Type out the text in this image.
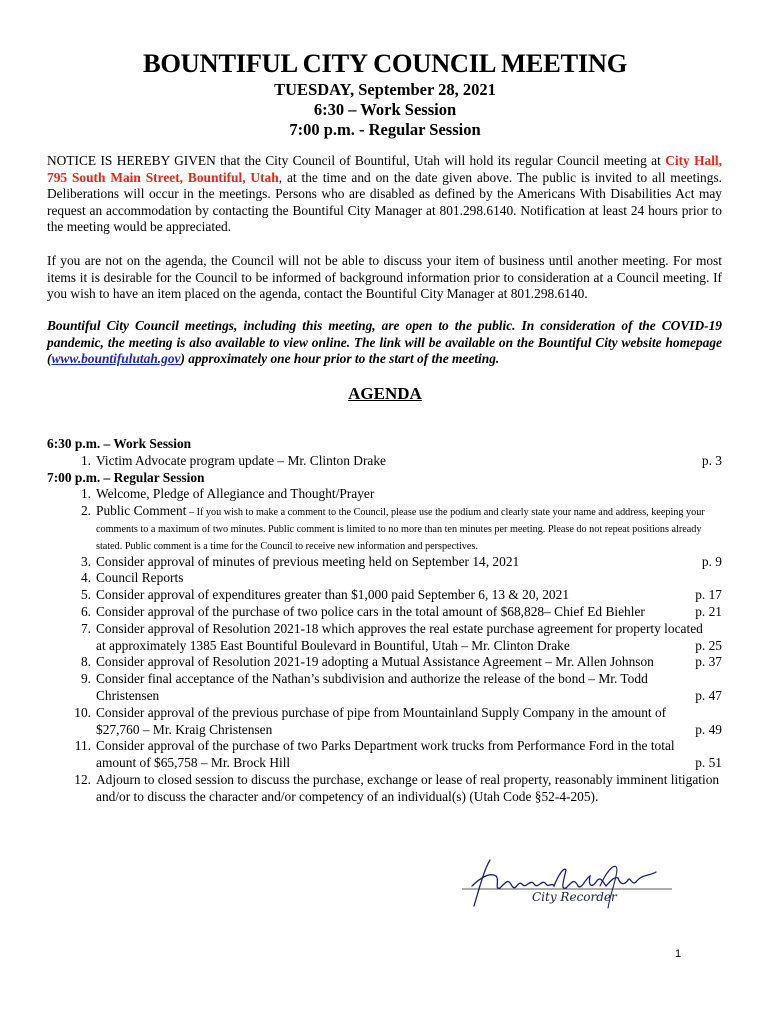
BOUNTIFUL CITY COUNCIL MEETING
TUESDAY, September 28, 2021
6:30 – Work Session
7:00 p.m. - Regular Session
NOTICE IS HEREBY GIVEN that the City Council of Bountiful, Utah will hold its regular Council meeting at City Hall, 795 South Main Street, Bountiful, Utah, at the time and on the date given above. The public is invited to all meetings. Deliberations will occur in the meetings. Persons who are disabled as defined by the Americans With Disabilities Act may request an accommodation by contacting the Bountiful City Manager at 801.298.6140. Notification at least 24 hours prior to the meeting would be appreciated.
If you are not on the agenda, the Council will not be able to discuss your item of business until another meeting. For most items it is desirable for the Council to be informed of background information prior to consideration at a Council meeting. If you wish to have an item placed on the agenda, contact the Bountiful City Manager at 801.298.6140.
Bountiful City Council meetings, including this meeting, are open to the public. In consideration of the COVID-19 pandemic, the meeting is also available to view online. The link will be available on the Bountiful City website homepage (www.bountifulutah.gov) approximately one hour prior to the start of the meeting.
AGENDA
6:30 p.m. – Work Session
1. Victim Advocate program update – Mr. Clinton Drake	p. 3
7:00 p.m. – Regular Session
1. Welcome, Pledge of Allegiance and Thought/Prayer
2. Public Comment – If you wish to make a comment to the Council, please use the podium and clearly state your name and address, keeping your comments to a maximum of two minutes. Public comment is limited to no more than ten minutes per meeting. Please do not repeat positions already stated. Public comment is a time for the Council to receive new information and perspectives.
3. Consider approval of minutes of previous meeting held on September 14, 2021	p. 9
4. Council Reports
5. Consider approval of expenditures greater than $1,000 paid September 6, 13 & 20, 2021	p. 17
6. Consider approval of the purchase of two police cars in the total amount of $68,828– Chief Ed Biehler	p. 21
7. Consider approval of Resolution 2021-18 which approves the real estate purchase agreement for property located
at approximately 1385 East Bountiful Boulevard in Bountiful, Utah – Mr. Clinton Drake	p. 25
8. Consider approval of Resolution 2021-19 adopting a Mutual Assistance Agreement – Mr. Allen Johnson	p. 37
9. Consider final acceptance of the Nathan’s subdivision and authorize the release of the bond – Mr. Todd
Christensen	p. 47
10. Consider approval of the previous purchase of pipe from Mountainland Supply Company in the amount of
$27,760 – Mr. Kraig Christensen	p. 49
11. Consider approval of the purchase of two Parks Department work trucks from Performance Ford in the total
amount of $65,758 – Mr. Brock Hill	p. 51
12. Adjourn to closed session to discuss the purchase, exchange or lease of real property, reasonably imminent litigation and/or to discuss the character and/or competency of an individual(s) (Utah Code §52-4-205).
City Recorder
1
